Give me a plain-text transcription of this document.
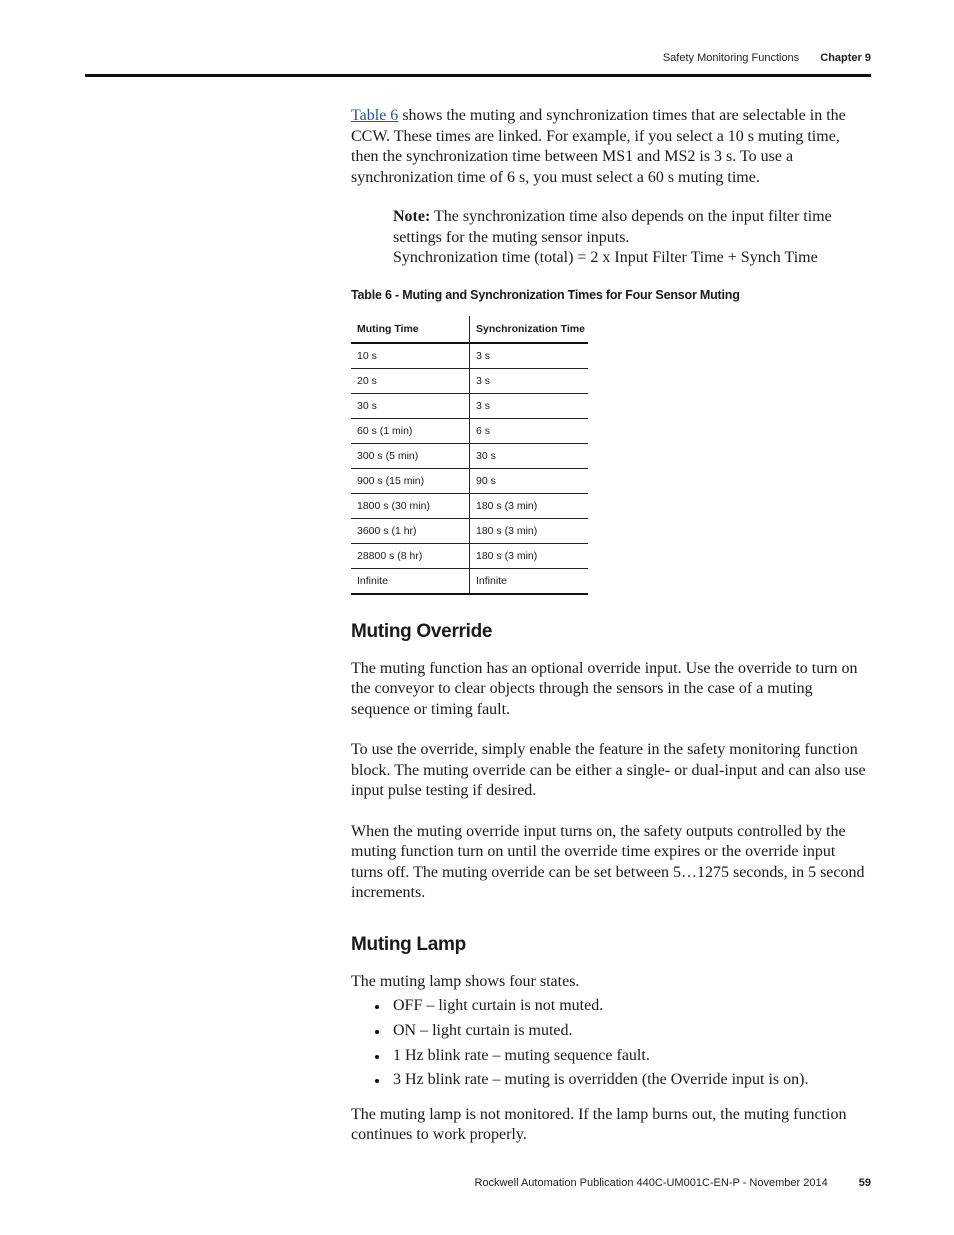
Safety Monitoring Functions Chapter 9

Table 6 shows the muting and synchronization times that are selectable in the CCW. These times are linked. For example, if you select a 10 s muting time, then the synchronization time between MS1 and MS2 is 3 s. To use a synchronization time of 6 s, you must select a 60 s muting time.

Note: The synchronization time also depends on the input filter time settings for the muting sensor inputs.
Synchronization time (total) = 2 x Input Filter Time + Synch Time
Table 6 - Muting and Synchronization Times for Four Sensor Muting
Muting Time	Synchronization Time
10 s	3 s
20 s	3 s
30 s	3 s
60 s (1 min)	6 s
300 s (5 min)	30 s
900 s (15 min)	90 s
1800 s (30 min)	180 s (3 min)
3600 s (1 hr)	180 s (3 min)
28800 s (8 hr)	180 s (3 min)
Infinite	Infinite
Muting Override

The muting function has an optional override input. Use the override to turn on the conveyor to clear objects through the sensors in the case of a muting sequence or timing fault.

To use the override, simply enable the feature in the safety monitoring function block. The muting override can be either a single- or dual-input and can also use input pulse testing if desired.

When the muting override input turns on, the safety outputs controlled by the muting function turn on until the override time expires or the override input turns off. The muting override can be set between 5…1275 seconds, in 5 second increments.

Muting Lamp

The muting lamp shows four states.

OFF – light curtain is not muted.
ON – light curtain is muted.
1 Hz blink rate – muting sequence fault.
3 Hz blink rate – muting is overridden (the Override input is on).

The muting lamp is not monitored. If the lamp burns out, the muting function continues to work properly.

Rockwell Automation Publication 440C-UM001C-EN-P - November 2014	59
